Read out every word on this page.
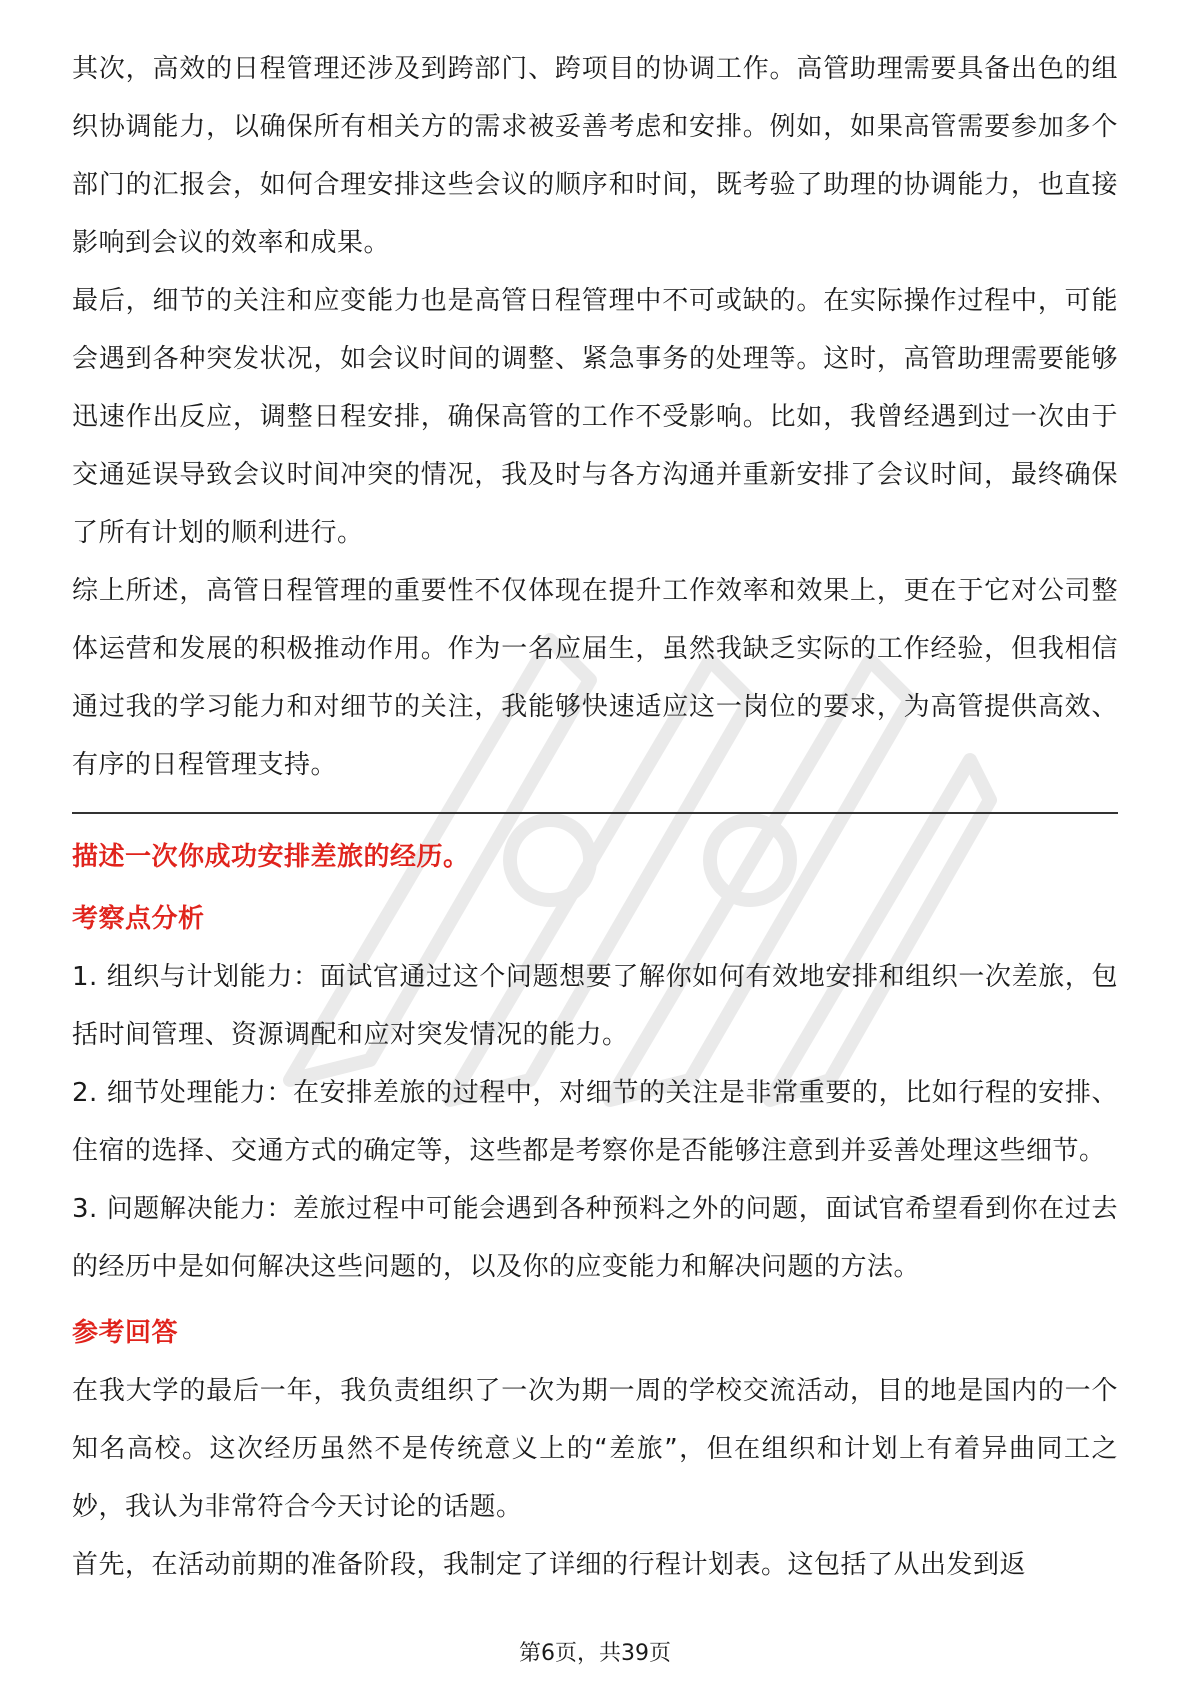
其次，高效的日程管理还涉及到跨部门、跨项目的协调工作。高管助理需要具备出色的组织协调能力，以确保所有相关方的需求被妥善考虑和安排。例如，如果高管需要参加多个部门的汇报会，如何合理安排这些会议的顺序和时间，既考验了助理的协调能力，也直接影响到会议的效率和成果。

最后，细节的关注和应变能力也是高管日程管理中不可或缺的。在实际操作过程中，可能会遇到各种突发状况，如会议时间的调整、紧急事务的处理等。这时，高管助理需要能够迅速作出反应，调整日程安排，确保高管的工作不受影响。比如，我曾经遇到过一次由于交通延误导致会议时间冲突的情况，我及时与各方沟通并重新安排了会议时间，最终确保了所有计划的顺利进行。

综上所述，高管日程管理的重要性不仅体现在提升工作效率和效果上，更在于它对公司整体运营和发展的积极推动作用。作为一名应届生，虽然我缺乏实际的工作经验，但我相信通过我的学习能力和对细节的关注，我能够快速适应这一岗位的要求，为高管提供高效、有序的日程管理支持。

描述一次你成功安排差旅的经历。

考察点分析

1. 组织与计划能力：面试官通过这个问题想要了解你如何有效地安排和组织一次差旅，包括时间管理、资源调配和应对突发情况的能力。

2. 细节处理能力：在安排差旅的过程中，对细节的关注是非常重要的，比如行程的安排、住宿的选择、交通方式的确定等，这些都是考察你是否能够注意到并妥善处理这些细节。

3. 问题解决能力：差旅过程中可能会遇到各种预料之外的问题，面试官希望看到你在过去的经历中是如何解决这些问题的，以及你的应变能力和解决问题的方法。

参考回答

在我大学的最后一年，我负责组织了一次为期一周的学校交流活动，目的地是国内的一个知名高校。这次经历虽然不是传统意义上的“差旅”，但在组织和计划上有着异曲同工之妙，我认为非常符合今天讨论的话题。

首先，在活动前期的准备阶段，我制定了详细的行程计划表。这包括了从出发到返

第6页，共39页
